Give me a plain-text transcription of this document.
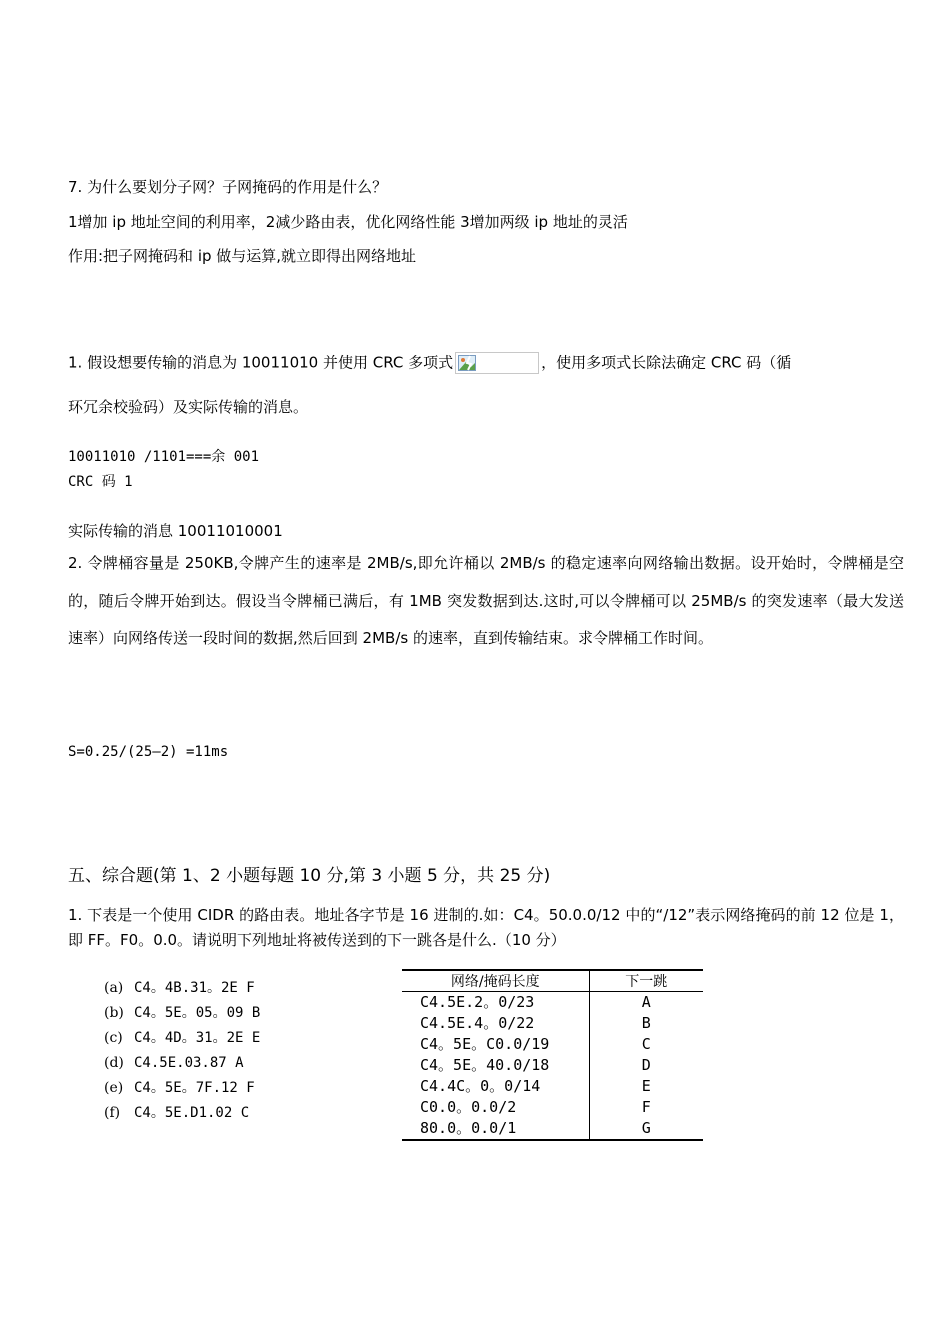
7. 为什么要划分子网？子网掩码的作用是什么？

1增加 ip 地址空间的利用率，2减少路由表，优化网络性能 3增加两级 ip 地址的灵活

作用:把子网掩码和 ip 做与运算,就立即得出网络地址

1. 假设想要传输的消息为 10011010 并使用 CRC 多项式	，使用多项式长除法确定 CRC 码（循

环冗余校验码）及实际传输的消息。

10011010 /1101===余 001

CRC 码 1

实际传输的消息 10011010001

2. 令牌桶容量是 250KB,令牌产生的速率是 2MB/s,即允许桶以 2MB/s 的稳定速率向网络输出数据。设开始时，令牌桶是空的，随后令牌开始到达。假设当令牌桶已满后，有 1MB 突发数据到达.这时,可以令牌桶可以 25MB/s 的突发速率（最大发送速率）向网络传送一段时间的数据,然后回到 2MB/s 的速率，直到传输结束。求令牌桶工作时间。

S=0.25/(25—2) =11ms

五、综合题(第 1、2 小题每题 10 分,第 3 小题 5 分，共 25 分)

1. 下表是一个使用 CIDR 的路由表。地址各字节是 16 进制的.如：C4。50.0.0/12 中的“/12”表示网络掩码的前 12 位是 1，即 FF。F0。0.0。请说明下列地址将被传送到的下一跳各是什么.（10 分）

(a) C4。4B.31。2E F
(b) C4。5E。05。09 B
(c) C4。4D。31。2E E
(d) C4.5E.03.87 A
(e) C4。5E。7F.12 F
(f) C4。5E.D1.02 C
网络/掩码长度	下一跳
C4.5E.2。0/23	A
C4.5E.4。0/22	B
C4。5E。C0.0/19	C
C4。5E。40.0/18	D
C4.4C。0。0/14	E
C0.0。0.0/2	F
80.0。0.0/1	G
